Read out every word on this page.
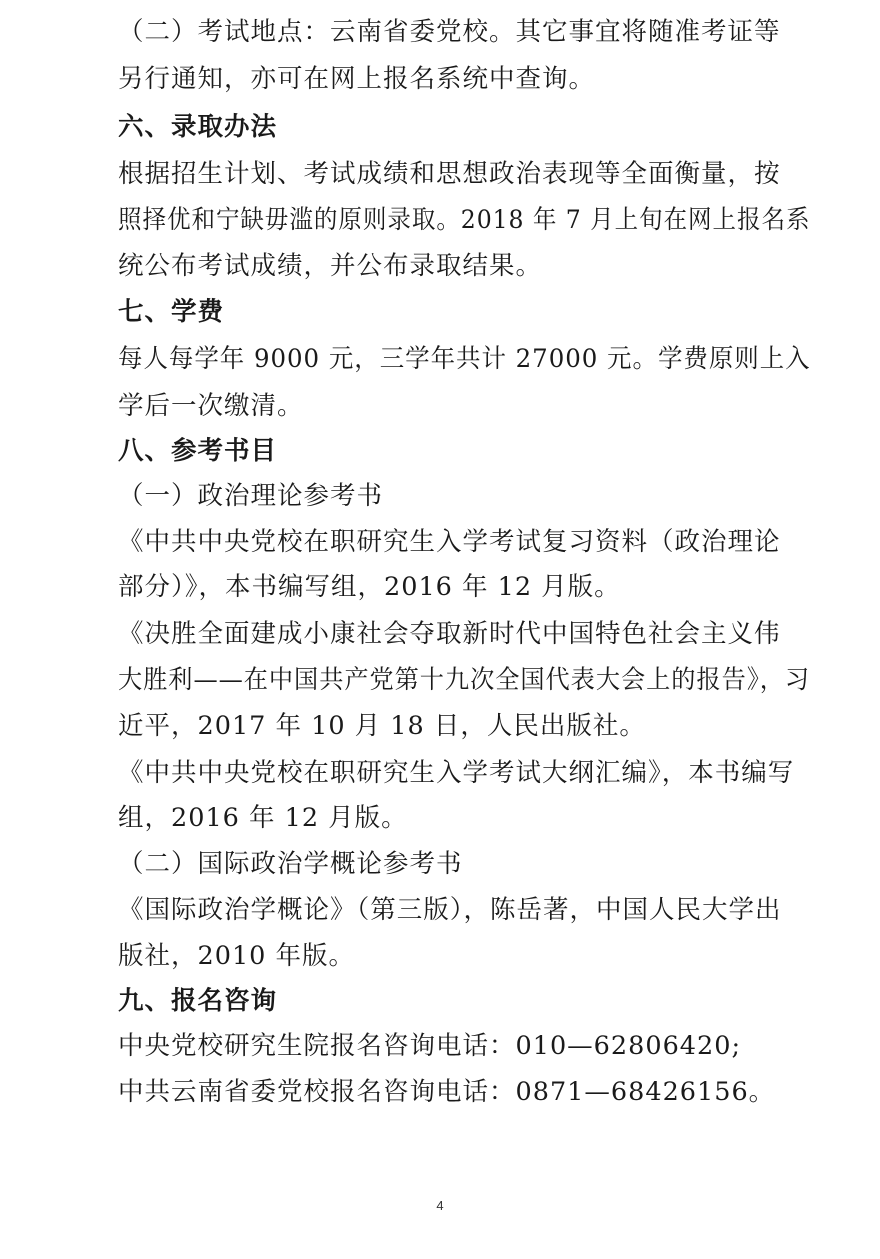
（二）考试地点：云南省委党校。其它事宜将随准考证等
另行通知，亦可在网上报名系统中查询。
六、录取办法
根据招生计划、考试成绩和思想政治表现等全面衡量，按
照择优和宁缺毋滥的原则录取。2018 年 7 月上旬在网上报名系
统公布考试成绩，并公布录取结果。
七、学费
每人每学年 9000 元，三学年共计 27000 元。学费原则上入
学后一次缴清。
八、参考书目
（一）政治理论参考书
《中共中央党校在职研究生入学考试复习资料（政治理论
部分）》，本书编写组，2016 年 12 月版。
《决胜全面建成小康社会夺取新时代中国特色社会主义伟
大胜利——在中国共产党第十九次全国代表大会上的报告》，习
近平，2017 年 10 月 18 日，人民出版社。
《中共中央党校在职研究生入学考试大纲汇编》，本书编写
组，2016 年 12 月版。
（二）国际政治学概论参考书
《国际政治学概论》（第三版），陈岳著，中国人民大学出
版社，2010 年版。
九、报名咨询
中央党校研究生院报名咨询电话：010—62806420;
中共云南省委党校报名咨询电话：0871—68426156。
4
